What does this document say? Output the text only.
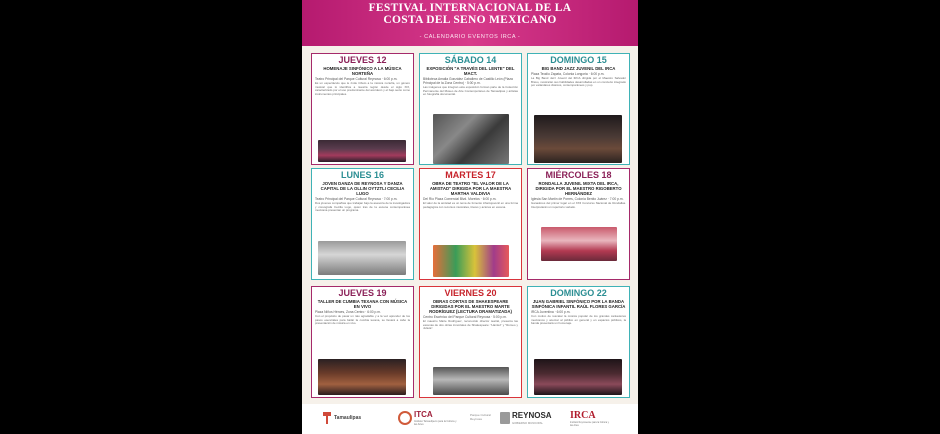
FESTIVAL INTERNACIONAL DE LA
COSTA DEL SENO MEXICANO
- CALENDARIO EVENTOS IRCA -
JUEVES 12
HOMENAJE SINFÓNICO A LA MÚSICA NORTEÑA
Teatro Principal del Parque Cultural Reynosa · 6:00 p.m.
Es un espectáculo que le rinde tributo a la música norteña, un género musical que lo identifica a nuestra región desde el siglo XIX, caracterizado por el uso predominante del acordeón y el bajo sexto como instrumentos principales.
SÁBADO 14
EXPOSICIÓN "A TRAVÉS DEL LENTE" DEL MACT.
Biblioteca Amalia González Caballero de Castillo León (Plaza Principal de la Zona Centro) · 5:00 p.m.
Las imágenes que integran esta exposición forman parte de la Colección Permanente del Museo de Arte Contemporáneo de Tamaulipas y artistas en fotografía documental.
DOMINGO 15
BIG BAND JAZZ JUVENIL DEL IRCA
Plaza Teodio Zapata, Colonia Longoria · 6:00 p.m.
La Big Band Jazz Juvenil del IRCA dirigida por el Maestro Salvador Bravo, mostrarán sus habilidades desarrolladas en un concierto integrado por estándares clásicos, contemporáneos y pop.
LUNES 16
JOVEN DANZA DE REYNOSA Y DANZA CAPITAL DE LA OLLIN OYTZTLI CECILIA LUGO
Teatro Principal del Parque Cultural Reynosa · 7:00 p.m.
Dos jóvenes compañías que trabajan bajo la asesoría de la investigadora y coreógrafa Cecilia Lugo, quien tras de la escena contemporánea mexicana presentan un programa.
MARTES 17
OBRA DE TEATRO "EL VALOR DE LA AMISTAD" DIRIGIDA POR LA MAESTRA MARTHA VALDIVIA
Del Río Plaza Comercial Blvd. Morelos · 6:00 p.m.
El valor de la amistad es un tema de fomento infantojuvenil en una forma pedagógica con recursos musicales, títeres y actores en escena.
MIÉRCOLES 18
RONDALLA JUVENIL MIXTA DEL IRCA, DIRIGIDA POR EL MAESTRO RIGOBERTO HERNÁNDEZ
Iglesia San Martín de Porres, Colonia Benito Juárez · 7:00 p.m.
Ganadores del primer lugar en el XXII Concurso Nacional de Rondallas. Interpretarán un repertorio variado.
JUEVES 19
TALLER DE CUMBIA TEXANA CON MÚSICA EN VIVO
Plaza Niños Héroes, Zona Centro · 6:00 p.m.
Con el propósito de pasar un rato agradable y a la vez aprender de los pasos esenciales para bailar la cumbia texana, se llevará a cabo la presentación de música en vivo.
VIERNES 20
OBRAS CORTAS DE SHAKESPEARE DIRIGIDAS POR EL MAESTRO MARTE RODRÍGUEZ (LECTURA DRAMATIZADA)
Centro Escénico del Parque Cultural Reynosa · 5:00 p.m.
El maestro Marte Rodríguez, reconocido director teatral, presenta las escenas de dos obras inmortales de Shakespeare: "Hamlet" y "Romeo y Julieta".
DOMINGO 22
JUAN GABRIEL SINFÓNICO POR LA BANDA SINFÓNICA INFANTIL RAÚL FLORES GARCÍA
IRCA Juventina · 6:00 p.m.
Con motivo de rescatar la música popular de los grandes cantautores mexicanos y acercar al público en general y en espacios públicos, la banda presentará un homenaje.
Tamaulipas	ITCA
Instituto Tamaulipeco para la Cultura y las Artes
Parque Cultural Reynosa	REYNOSA
GOBIERNO MUNICIPAL
IRCA
Instituto Reynosense para la Cultura y las Artes
